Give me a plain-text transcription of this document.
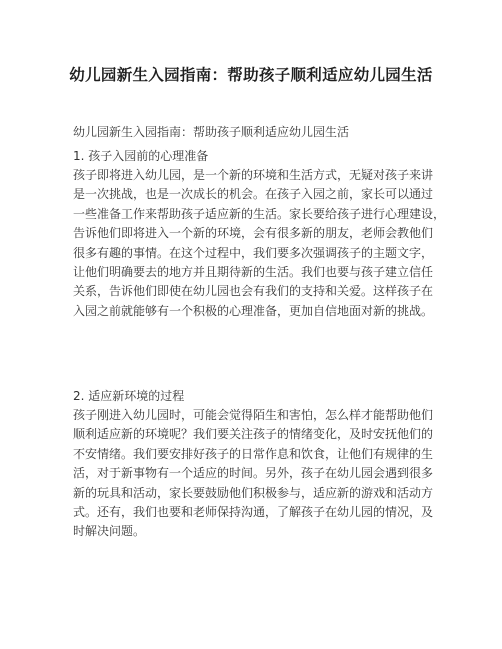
幼儿园新生入园指南：帮助孩子顺利适应幼儿园生活
幼儿园新生入园指南：帮助孩子顺利适应幼儿园生活
1. 孩子入园前的心理准备
孩子即将进入幼儿园，是一个新的环境和生活方式，无疑对孩子来讲
是一次挑战，也是一次成长的机会。在孩子入园之前，家长可以通过
一些准备工作来帮助孩子适应新的生活。家长要给孩子进行心理建设，
告诉他们即将进入一个新的环境，会有很多新的朋友，老师会教他们
很多有趣的事情。在这个过程中，我们要多次强调孩子的主题文字，
让他们明确要去的地方并且期待新的生活。我们也要与孩子建立信任
关系，告诉他们即使在幼儿园也会有我们的支持和关爱。这样孩子在
入园之前就能够有一个积极的心理准备，更加自信地面对新的挑战。
2. 适应新环境的过程
孩子刚进入幼儿园时，可能会觉得陌生和害怕，怎么样才能帮助他们
顺利适应新的环境呢？我们要关注孩子的情绪变化，及时安抚他们的
不安情绪。我们要安排好孩子的日常作息和饮食，让他们有规律的生
活，对于新事物有一个适应的时间。另外，孩子在幼儿园会遇到很多
新的玩具和活动，家长要鼓励他们积极参与，适应新的游戏和活动方
式。还有，我们也要和老师保持沟通，了解孩子在幼儿园的情况，及
时解决问题。
